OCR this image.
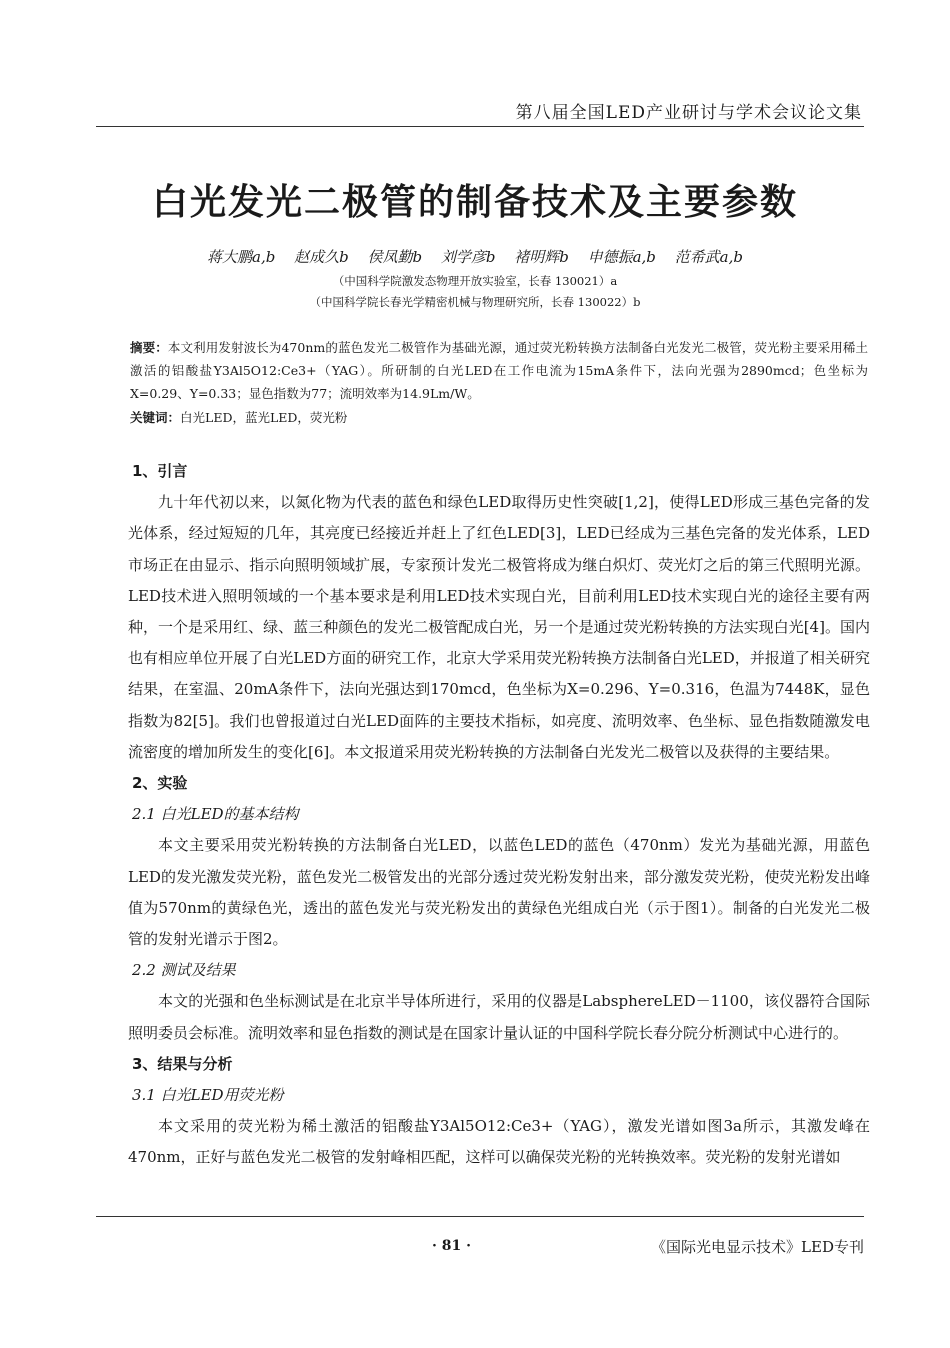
第八届全国LED产业研讨与学术会议论文集
白光发光二极管的制备技术及主要参数
蒋大鹏a,b 赵成久b 侯凤勤b 刘学彦b 褚明辉b 申德振a,b 范希武a,b
（中国科学院激发态物理开放实验室，长春 130021）a
（中国科学院长春光学精密机械与物理研究所，长春 130022）b
摘要：本文利用发射波长为470nm的蓝色发光二极管作为基础光源，通过荧光粉转换方法制备白光发光二极管，荧光粉主要采用稀土激活的铝酸盐Y3Al5O12:Ce3+（YAG）。所研制的白光LED在工作电流为15mA条件下，法向光强为2890mcd；色坐标为X=0.29、Y=0.33；显色指数为77；流明效率为14.9Lm/W。
关键词：白光LED，蓝光LED，荧光粉

1、引言

九十年代初以来，以氮化物为代表的蓝色和绿色LED取得历史性突破[1,2]，使得LED形成三基色完备的发光体系，经过短短的几年，其亮度已经接近并赶上了红色LED[3]，LED已经成为三基色完备的发光体系，LED市场正在由显示、指示向照明领域扩展，专家预计发光二极管将成为继白炽灯、荧光灯之后的第三代照明光源。LED技术进入照明领域的一个基本要求是利用LED技术实现白光，目前利用LED技术实现白光的途径主要有两种，一个是采用红、绿、蓝三种颜色的发光二极管配成白光，另一个是通过荧光粉转换的方法实现白光[4]。国内也有相应单位开展了白光LED方面的研究工作，北京大学采用荧光粉转换方法制备白光LED，并报道了相关研究结果，在室温、20mA条件下，法向光强达到170mcd，色坐标为X=0.296、Y=0.316，色温为7448K，显色指数为82[5]。我们也曾报道过白光LED面阵的主要技术指标，如亮度、流明效率、色坐标、显色指数随激发电流密度的增加所发生的变化[6]。本文报道采用荧光粉转换的方法制备白光发光二极管以及获得的主要结果。

2、实验

2.1 白光LED的基本结构

本文主要采用荧光粉转换的方法制备白光LED，以蓝色LED的蓝色（470nm）发光为基础光源，用蓝色LED的发光激发荧光粉，蓝色发光二极管发出的光部分透过荧光粉发射出来，部分激发荧光粉，使荧光粉发出峰值为570nm的黄绿色光，透出的蓝色发光与荧光粉发出的黄绿色光组成白光（示于图1）。制备的白光发光二极管的发射光谱示于图2。

2.2 测试及结果

本文的光强和色坐标测试是在北京半导体所进行，采用的仪器是LabsphereLED－1100，该仪器符合国际照明委员会标准。流明效率和显色指数的测试是在国家计量认证的中国科学院长春分院分析测试中心进行的。

3、结果与分析

3.1 白光LED用荧光粉

本文采用的荧光粉为稀土激活的铝酸盐Y3Al5O12:Ce3+（YAG），激发光谱如图3a所示，其激发峰在470nm，正好与蓝色发光二极管的发射峰相匹配，这样可以确保荧光粉的光转换效率。荧光粉的发射光谱如

· 81 ·	《国际光电显示技术》LED专刊
